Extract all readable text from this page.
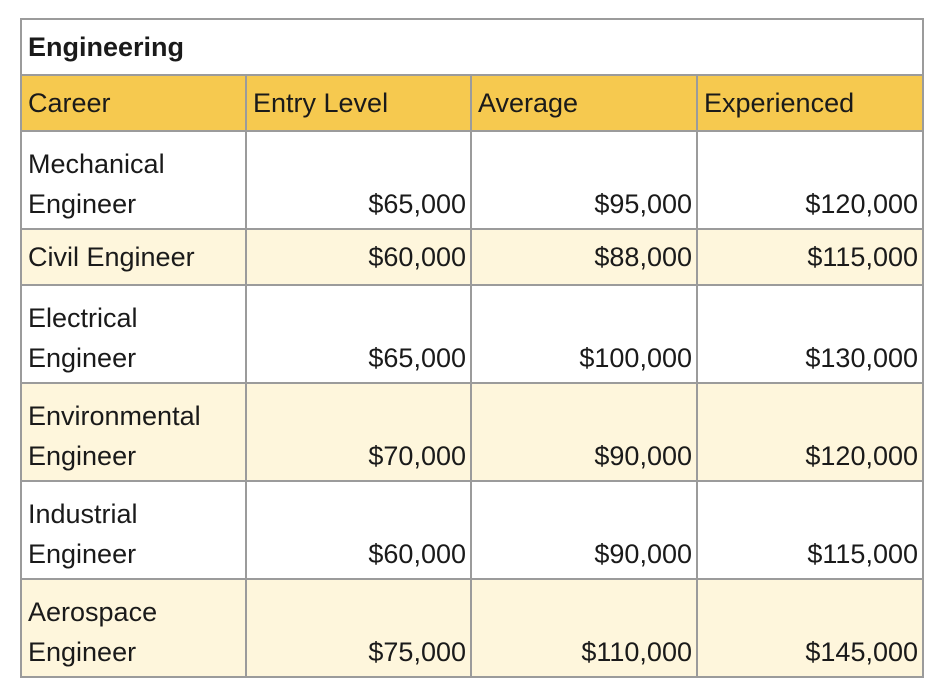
Engineering			
Career	Entry Level	Average	Experienced
Mechanical
Engineer	$65,000	$95,000	$120,000
Civil Engineer	$60,000	$88,000	$115,000
Electrical
Engineer	$65,000	$100,000	$130,000
Environmental
Engineer	$70,000	$90,000	$120,000
Industrial
Engineer	$60,000	$90,000	$115,000
Aerospace
Engineer	$75,000	$110,000	$145,000
